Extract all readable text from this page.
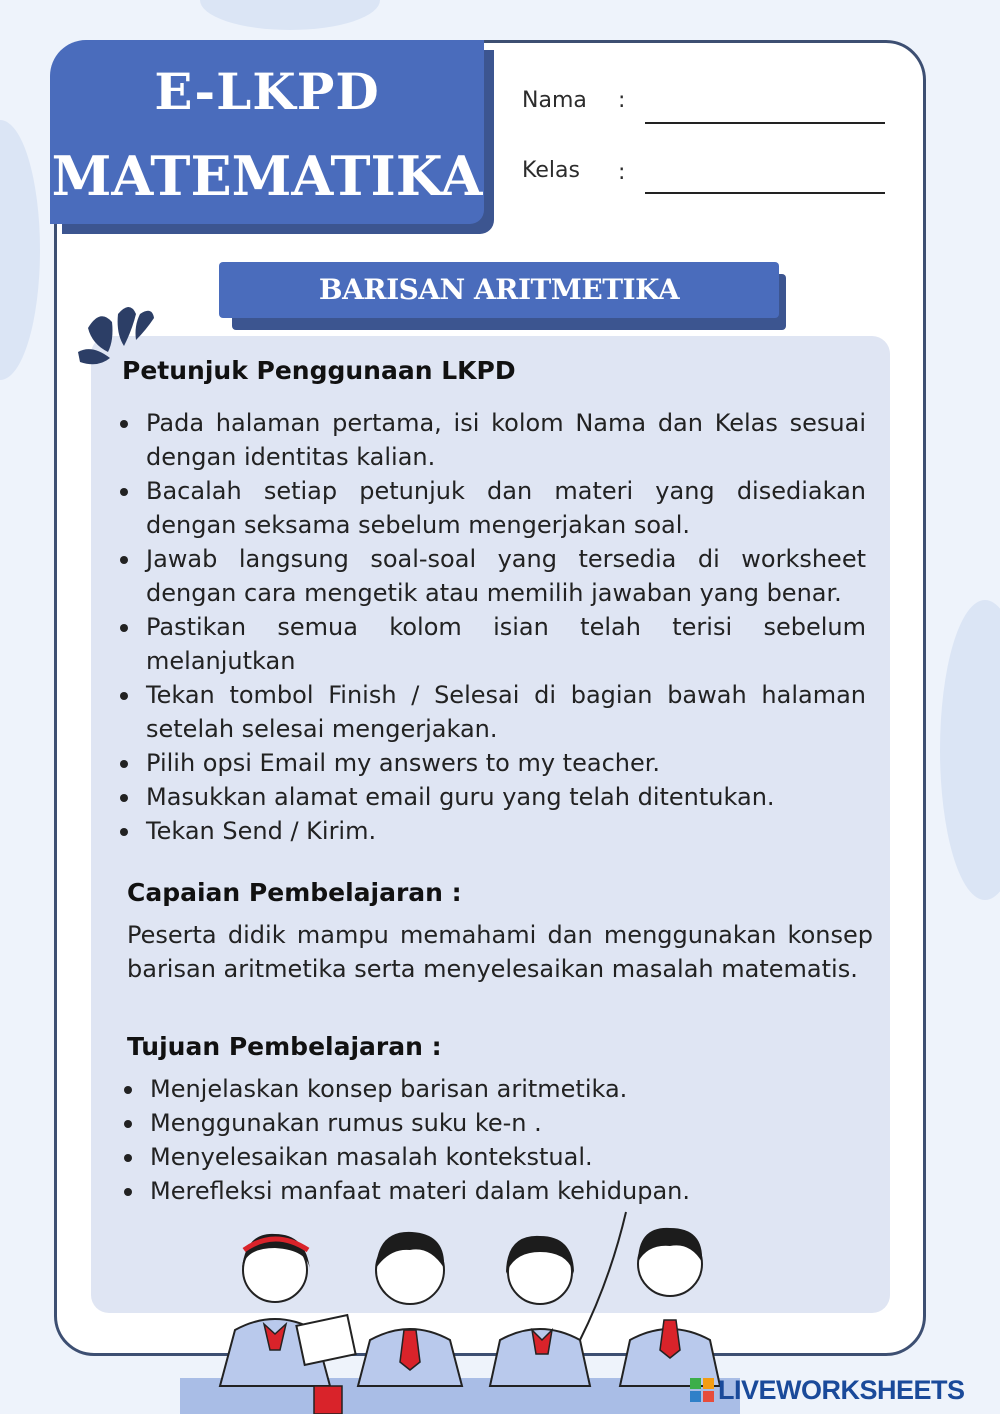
E-LKPD
MATEMATIKA
Nama :
Kelas :
BARISAN ARITMETIKA
Petunjuk Penggunaan LKPD
Pada halaman pertama, isi kolom Nama dan Kelas sesuai dengan identitas kalian.
Bacalah setiap petunjuk dan materi yang disediakan dengan seksama sebelum mengerjakan soal.
Jawab langsung soal-soal yang tersedia di worksheet dengan cara mengetik atau memilih jawaban yang benar.
Pastikan semua kolom isian telah terisi sebelum melanjutkan
Tekan tombol Finish / Selesai di bagian bawah halaman setelah selesai mengerjakan.
Pilih opsi Email my answers to my teacher.
Masukkan alamat email guru yang telah ditentukan.
Tekan Send / Kirim.
Capaian Pembelajaran :
Peserta didik mampu memahami dan menggunakan konsep barisan aritmetika serta menyelesaikan masalah matematis.
Tujuan Pembelajaran :
Menjelaskan konsep barisan aritmetika.
Menggunakan rumus suku ke-n .
Menyelesaikan masalah kontekstual.
Merefleksi manfaat materi dalam kehidupan.
LIVEWORKSHEETS
